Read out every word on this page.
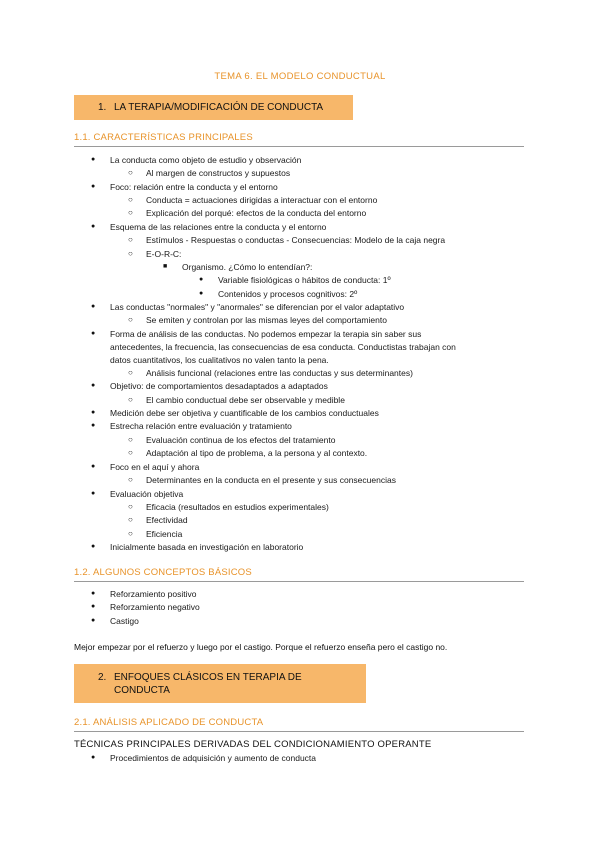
TEMA 6. EL MODELO CONDUCTUAL
1. LA TERAPIA/MODIFICACIÓN DE CONDUCTA
1.1. CARACTERÍSTICAS PRINCIPALES
● La conducta como objeto de estudio y observación
○ Al margen de constructos y supuestos
● Foco: relación entre la conducta y el entorno
○ Conducta = actuaciones dirigidas a interactuar con el entorno
○ Explicación del porqué: efectos de la conducta del entorno
● Esquema de las relaciones entre la conducta y el entorno
○ Estímulos - Respuestas o conductas - Consecuencias: Modelo de la caja negra
○ E-O-R-C:
■ Organismo. ¿Cómo lo entendían?:
● Variable fisiológicas o hábitos de conducta: 1º
● Contenidos y procesos cognitivos: 2º
● Las conductas "normales" y "anormales" se diferencian por el valor adaptativo
○ Se emiten y controlan por las mismas leyes del comportamiento
● Forma de análisis de las conductas. No podemos empezar la terapia sin saber sus
antecedentes, la frecuencia, las consecuencias de esa conducta. Conductistas trabajan con
datos cuantitativos, los cualitativos no valen tanto la pena.
○ Análisis funcional (relaciones entre las conductas y sus determinantes)
● Objetivo: de comportamientos desadaptados a adaptados
○ El cambio conductual debe ser observable y medible
● Medición debe ser objetiva y cuantificable de los cambios conductuales
● Estrecha relación entre evaluación y tratamiento
○ Evaluación continua de los efectos del tratamiento
○ Adaptación al tipo de problema, a la persona y al contexto.
● Foco en el aquí y ahora
○ Determinantes en la conducta en el presente y sus consecuencias
● Evaluación objetiva
○ Eficacia (resultados en estudios experimentales)
○ Efectividad
○ Eficiencia
● Inicialmente basada en investigación en laboratorio
1.2. ALGUNOS CONCEPTOS BÁSICOS
● Reforzamiento positivo
● Reforzamiento negativo
● Castigo
Mejor empezar por el refuerzo y luego por el castigo. Porque el refuerzo enseña pero el castigo no.
2. ENFOQUES CLÁSICOS EN TERAPIA DE
CONDUCTA
2.1. ANÁLISIS APLICADO DE CONDUCTA
TÉCNICAS PRINCIPALES DERIVADAS DEL CONDICIONAMIENTO OPERANTE
● Procedimientos de adquisición y aumento de conducta
